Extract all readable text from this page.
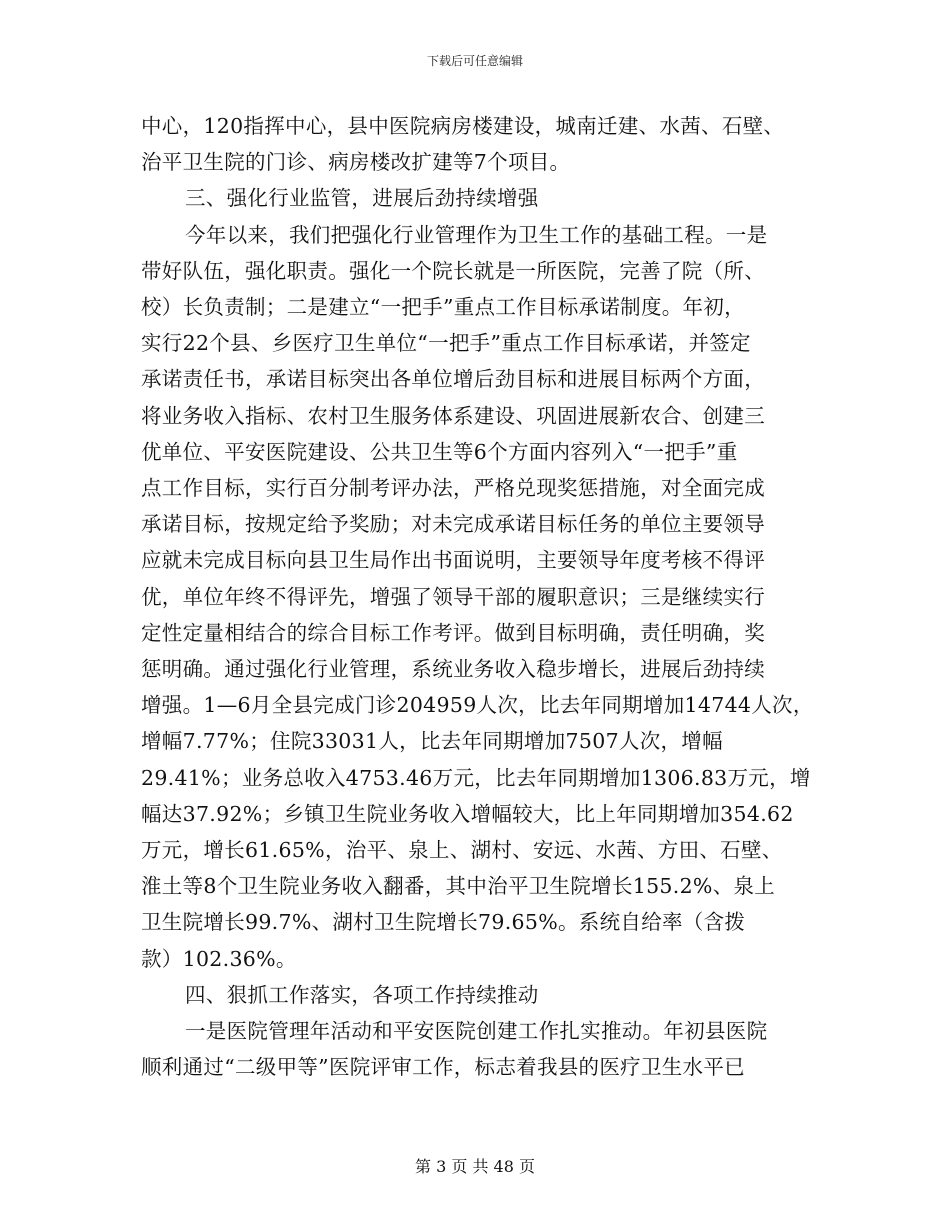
下载后可任意编辑
中心，120指挥中心，县中医院病房楼建设，城南迁建、水茜、石壁、
治平卫生院的门诊、病房楼改扩建等7个项目。
三、强化行业监管，进展后劲持续增强
今年以来，我们把强化行业管理作为卫生工作的基础工程。一是
带好队伍，强化职责。强化一个院长就是一所医院，完善了院（所、
校）长负责制；二是建立“一把手”重点工作目标承诺制度。年初，
实行22个县、乡医疗卫生单位“一把手”重点工作目标承诺，并签定
承诺责任书，承诺目标突出各单位增后劲目标和进展目标两个方面，
将业务收入指标、农村卫生服务体系建设、巩固进展新农合、创建三
优单位、平安医院建设、公共卫生等6个方面内容列入“一把手”重
点工作目标，实行百分制考评办法，严格兑现奖惩措施，对全面完成
承诺目标，按规定给予奖励；对未完成承诺目标任务的单位主要领导
应就未完成目标向县卫生局作出书面说明，主要领导年度考核不得评
优，单位年终不得评先，增强了领导干部的履职意识；三是继续实行
定性定量相结合的综合目标工作考评。做到目标明确，责任明确，奖
惩明确。通过强化行业管理，系统业务收入稳步增长，进展后劲持续
增强。1—6月全县完成门诊204959人次，比去年同期增加14744人次，
增幅7.77%；住院33031人，比去年同期增加7507人次，增幅
29.41%；业务总收入4753.46万元，比去年同期增加1306.83万元，增
幅达37.92%；乡镇卫生院业务收入增幅较大，比上年同期增加354.62
万元，增长61.65%，治平、泉上、湖村、安远、水茜、方田、石壁、
淮土等8个卫生院业务收入翻番，其中治平卫生院增长155.2%、泉上
卫生院增长99.7%、湖村卫生院增长79.65%。系统自给率（含拨
款）102.36%。
四、狠抓工作落实，各项工作持续推动
一是医院管理年活动和平安医院创建工作扎实推动。年初县医院
顺利通过“二级甲等”医院评审工作，标志着我县的医疗卫生水平已
第 3 页 共 48 页
